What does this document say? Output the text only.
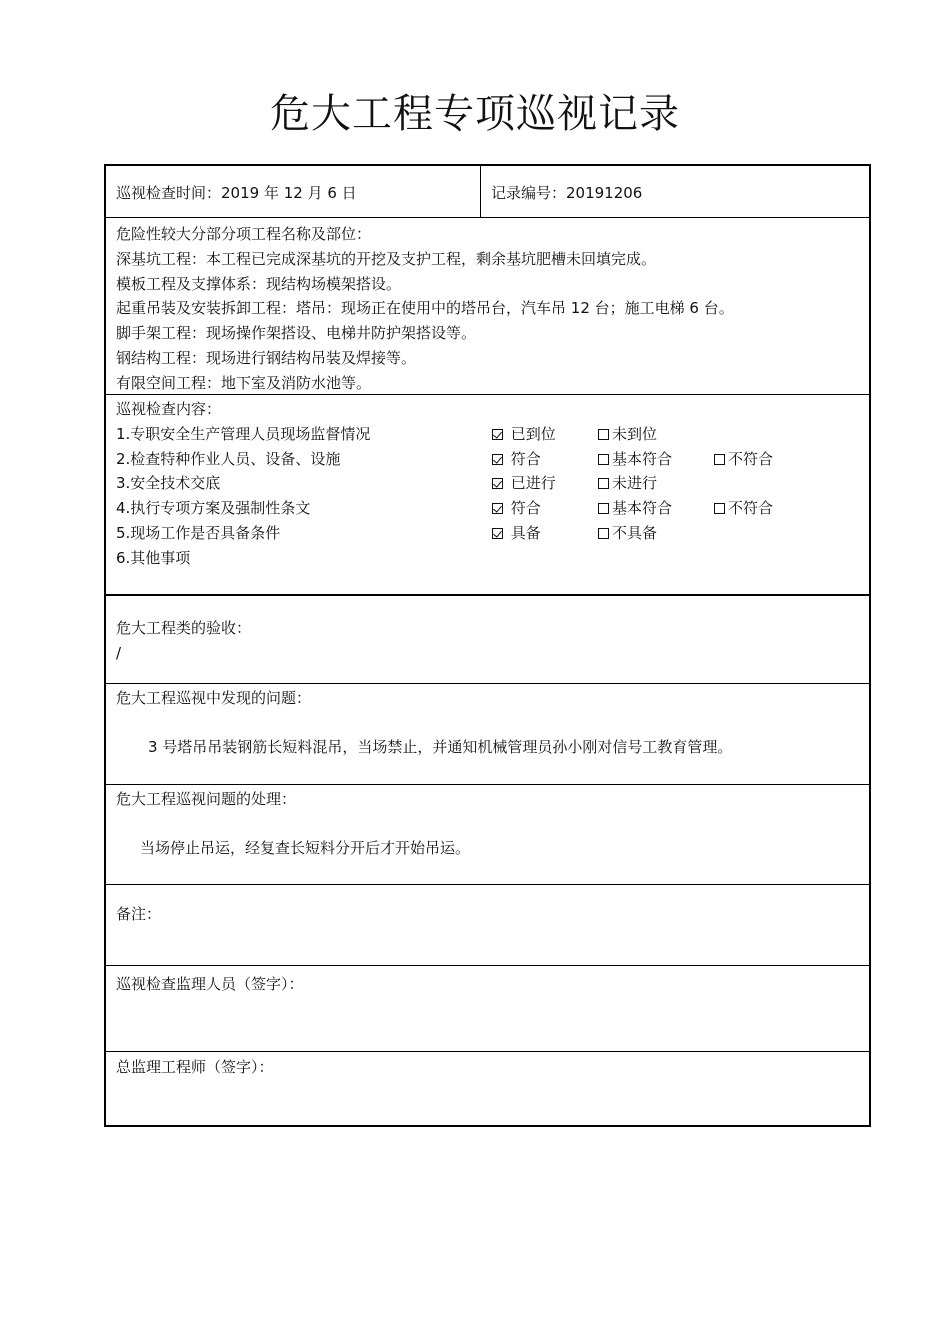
危大工程专项巡视记录
巡视检查时间：2019 年 12 月 6 日	记录编号：20191206
危险性较大分部分项工程名称及部位：
深基坑工程：本工程已完成深基坑的开挖及支护工程，剩余基坑肥槽未回填完成。
模板工程及支撑体系：现结构场模架搭设。
起重吊装及安装拆卸工程：塔吊：现场正在使用中的塔吊台，汽车吊 12 台；施工电梯 6 台。
脚手架工程：现场操作架搭设、电梯井防护架搭设等。
钢结构工程：现场进行钢结构吊装及焊接等。
有限空间工程：地下室及消防水池等。
巡视检查内容：
1.专职安全生产管理人员现场监督情况	已到位	未到位
2.检查特种作业人员、设备、设施	符合	基本符合	不符合
3.安全技术交底	已进行	未进行
4.执行专项方案及强制性条文	符合	基本符合	不符合
5.现场工作是否具备条件	具备	不具备
6.其他事项
危大工程类的验收：
/
危大工程巡视中发现的问题：
3 号塔吊吊装钢筋长短料混吊，当场禁止，并通知机械管理员孙小刚对信号工教育管理。
危大工程巡视问题的处理：
当场停止吊运，经复查长短料分开后才开始吊运。
备注：
巡视检查监理人员（签字）：
总监理工程师（签字）：
